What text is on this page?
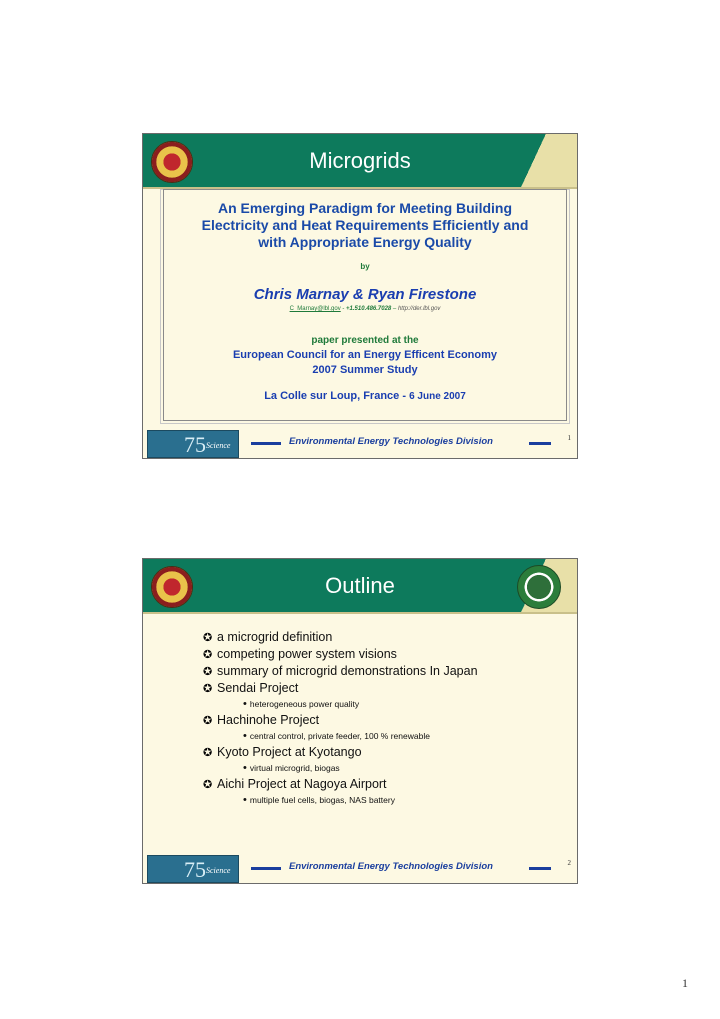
Microgrids
An Emerging Paradigm for Meeting Building
Electricity and Heat Requirements Efficiently and
with Appropriate Energy Quality
by
Chris Marnay & Ryan Firestone
C_Marnay@lbl.gov - +1.510.486.7028 – http://der.lbl.gov
paper presented at the
European Council for an Energy Efficent Economy
2007 Summer Study
La Colle sur Loup, France - 6 June 2007
75 Science	Environmental Energy Technologies Division	1
Outline
✪ a microgrid definition
✪ competing power system visions
✪ summary of microgrid demonstrations In Japan
✪ Sendai Project
• heterogeneous power quality
✪ Hachinohe Project
• central control, private feeder, 100 % renewable
✪ Kyoto Project at Kyotango
• virtual microgrid, biogas
✪ Aichi Project at Nagoya Airport
• multiple fuel cells, biogas, NAS battery
75 Science	Environmental Energy Technologies Division	2
1
